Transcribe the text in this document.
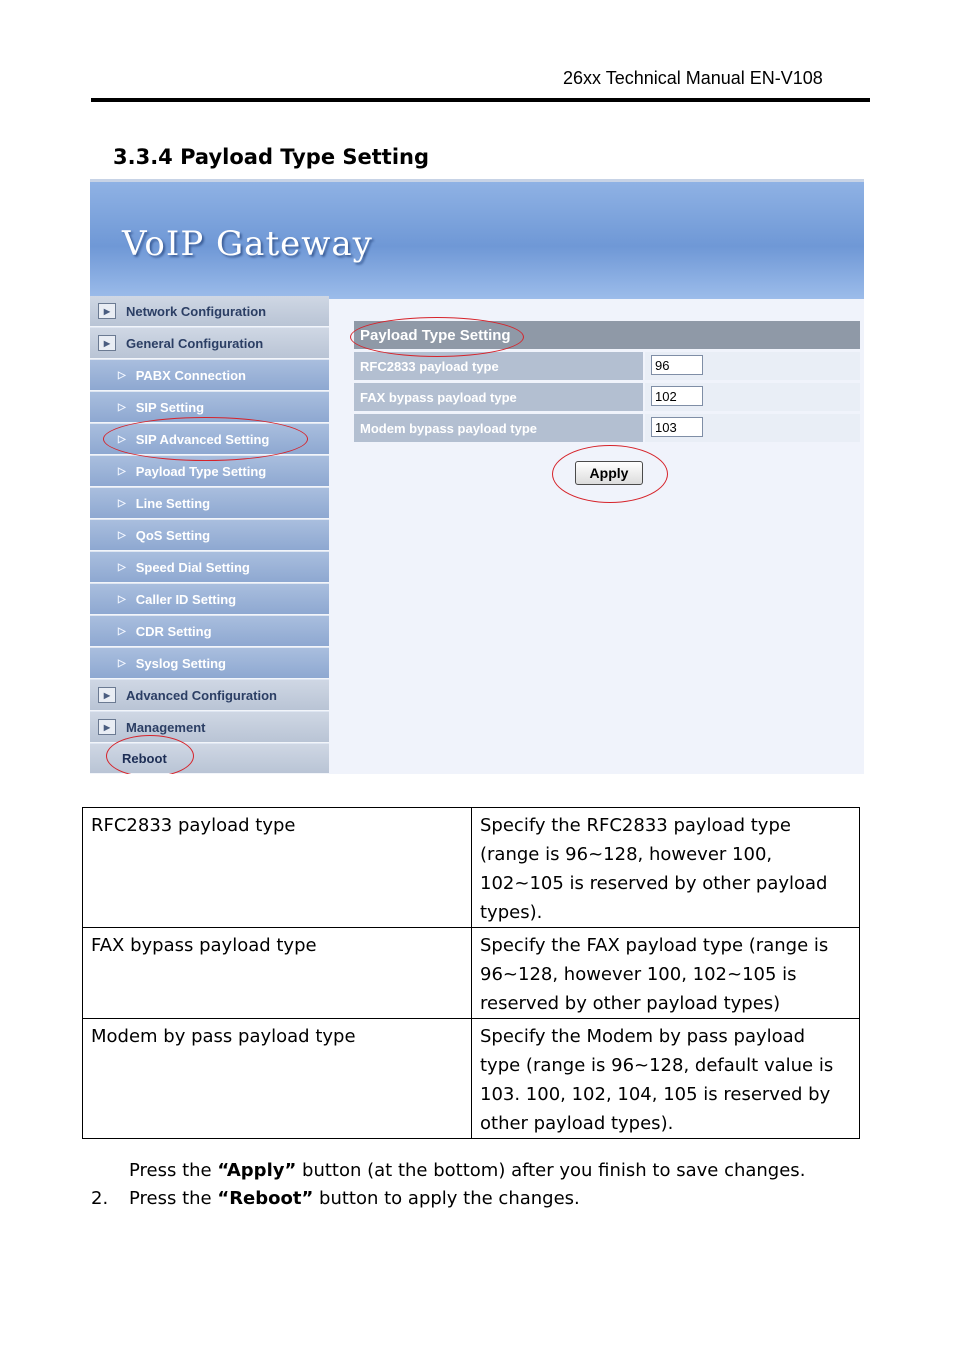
26xx Technical Manual EN-V108
3.3.4 Payload Type Setting
VoIP Gateway
▶	Network Configuration
▶	General Configuration
▷ PABX Connection
▷ SIP Setting
▷ SIP Advanced Setting
▷ Payload Type Setting
▷ Line Setting
▷ QoS Setting
▷ Speed Dial Setting
▷ Caller ID Setting
▷ CDR Setting
▷ Syslog Setting
▶	Advanced Configuration
▶	Management
Reboot
Payload Type Setting
RFC2833 payload type
96
FAX bypass payload type
102
Modem bypass payload type
103
Apply
RFC2833 payload type	Specify the RFC2833 payload type
(range is 96~128, however 100,
102~105 is reserved by other payload
types).

FAX bypass payload type	Specify the FAX payload type (range is
96~128, however 100, 102~105 is
reserved by other payload types)

Modem by pass payload type	Specify the Modem by pass payload
type (range is 96~128, default value is
103. 100, 102, 104, 105 is reserved by
other payload types).
Press the “Apply” button (at the bottom) after you finish to save changes.
2. Press the “Reboot” button to apply the changes.
